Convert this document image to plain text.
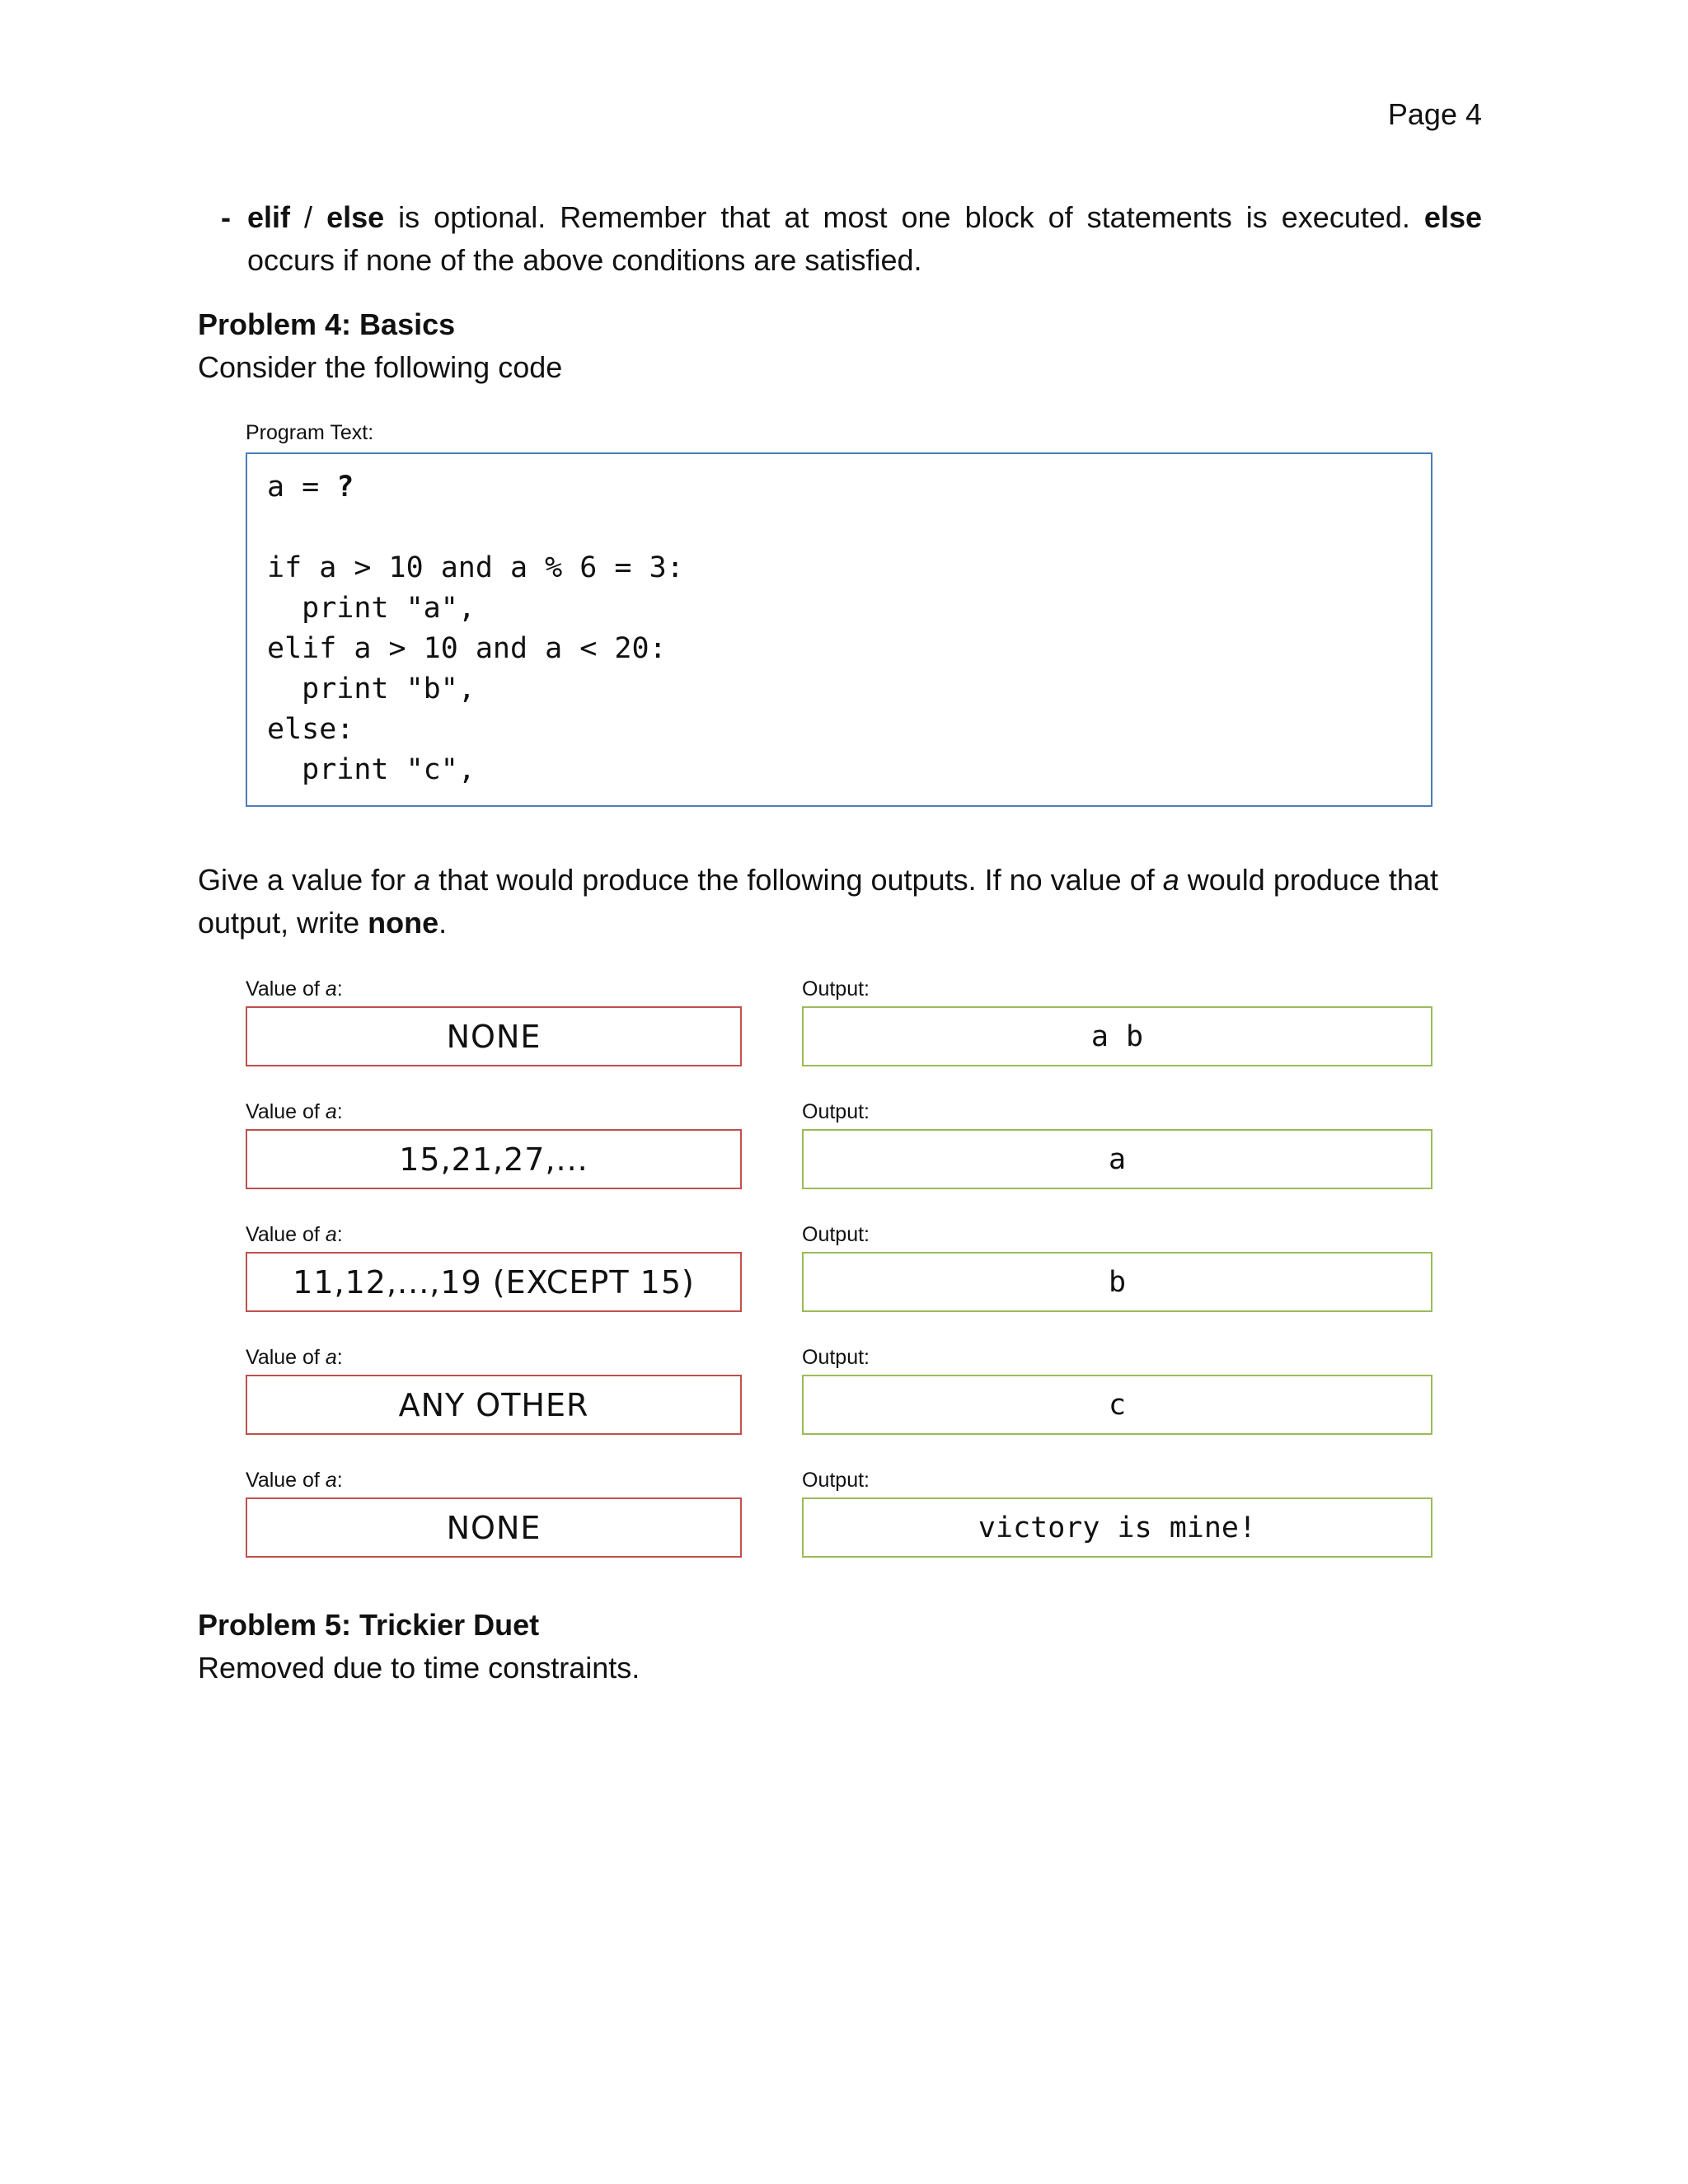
Page 4
- elif / else is optional. Remember that at most one block of statements is executed. else occurs if none of the above conditions are satisfied.
Problem 4: Basics
Consider the following code
Program Text:
a = ?
if a > 10 and a % 6 = 3:
print "a",
elif a > 10 and a < 20:
print "b",
else:
print "c",
Give a value for a that would produce the following outputs. If no value of a would produce that output, write none.
Value of a:	Output:
NONE	a b
Value of a:	Output:
15,21,27,...	a
Value of a:	Output:
11,12,...,19 (EXCEPT 15)	b
Value of a:	Output:
ANY OTHER	c
Value of a:	Output:
NONE	victory is mine!
Problem 5: Trickier Duet
Removed due to time constraints.
